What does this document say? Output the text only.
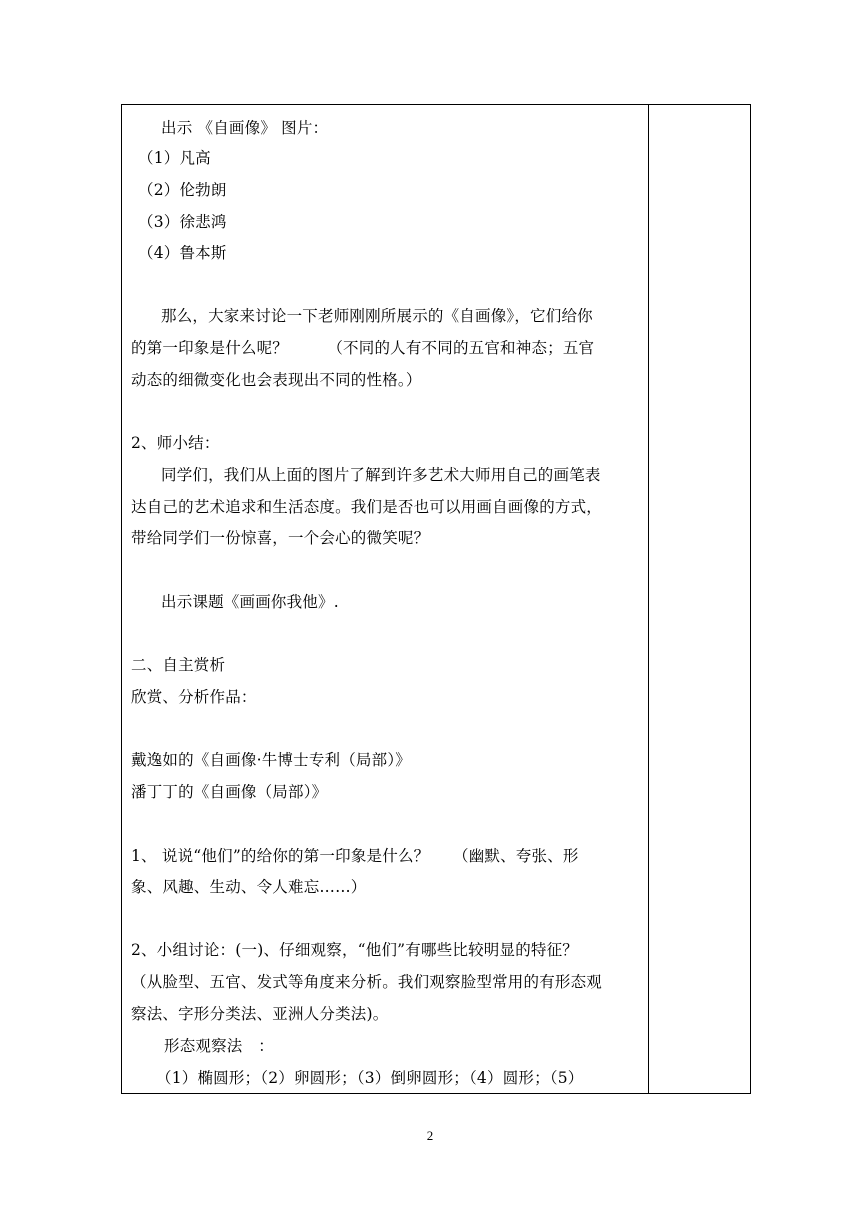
出示 《自画像》 图片：
（1）凡高
（2）伦勃朗
（3）徐悲鸿
（4）鲁本斯
那么，大家来讨论一下老师刚刚所展示的《自画像》，它们给你
的第一印象是什么呢？　　　（不同的人有不同的五官和神态；五官
动态的细微变化也会表现出不同的性格。）
2、师小结：
同学们，我们从上面的图片了解到许多艺术大师用自己的画笔表
达自己的艺术追求和生活态度。我们是否也可以用画自画像的方式，
带给同学们一份惊喜，一个会心的微笑呢？
出示课题《画画你我他》.
二、自主赏析
欣赏、分析作品：
戴逸如的《自画像·牛博士专利（局部）》
潘丁丁的《自画像（局部）》
1、 说说“他们”的给你的第一印象是什么？　　（幽默、夸张、形
象、风趣、生动、令人难忘……）
2、小组讨论：(一)、仔细观察，“他们”有哪些比较明显的特征？
（从脸型、五官、发式等角度来分析。我们观察脸型常用的有形态观
察法、字形分类法、亚洲人分类法)。
形态观察法　：
（1）椭圆形；（2）卵圆形；（3）倒卵圆形；（4）圆形；（5）
2
